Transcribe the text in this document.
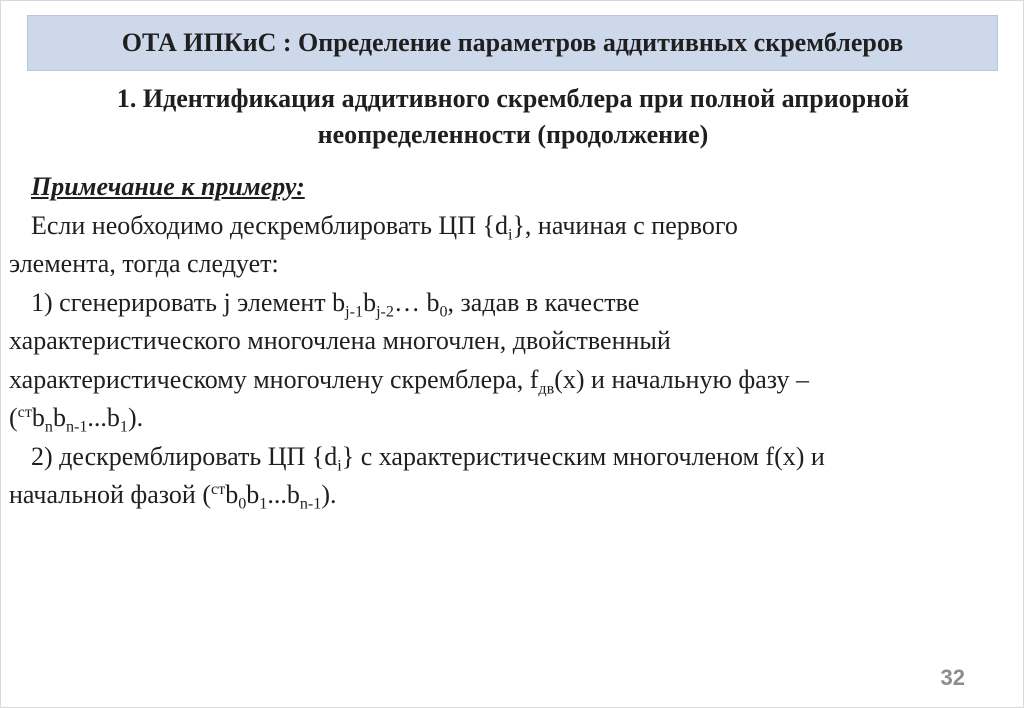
ОТА ИПКиС : Определение параметров аддитивных скремблеров
1. Идентификация аддитивного скремблера при полной априорной
неопределенности (продолжение)

Примечание к примеру:

Если необходимо дескремблировать ЦП $\{d_i\}$, начиная с первого

элемента, тогда следует:

1) сгенерировать j элемент $b_{j-1}b_{j-2}\dots$ $b_0$, задав в качестве

характеристического многочлена многочлен, двойственный

характеристическому многочлену скремблера, $f_{дв}(x)$ и начальную фазу –

$(^{ст}b_nb_{n-1}...b_1)$.

2) дескремблировать ЦП $\{d_i\}$ с характеристическим многочленом f(x) и

начальной фазой $(^{ст}b_0b_1...b_{n-1})$.

32
